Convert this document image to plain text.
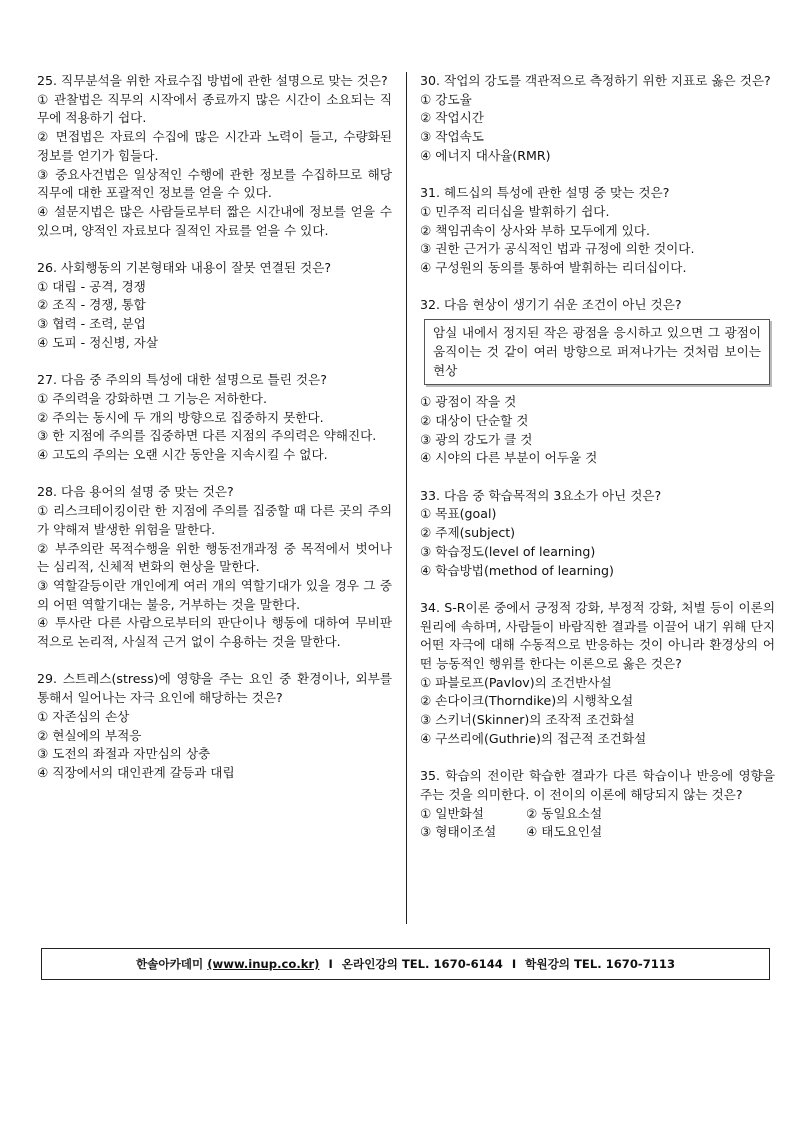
25. 직무분석을 위한 자료수집 방법에 관한 설명으로 맞는 것은?

① 관찰법은 직무의 시작에서 종료까지 많은 시간이 소요되는 직무에 적용하기 쉽다.

② 면접법은 자료의 수집에 많은 시간과 노력이 들고, 수량화된 정보를 얻기가 힘들다.

③ 중요사건법은 일상적인 수행에 관한 정보를 수집하므로 해당 직무에 대한 포괄적인 정보를 얻을 수 있다.

④ 설문지법은 많은 사람들로부터 짧은 시간내에 정보를 얻을 수 있으며, 양적인 자료보다 질적인 자료를 얻을 수 있다.

26. 사회행동의 기본형태와 내용이 잘못 연결된 것은?

① 대립 - 공격, 경쟁

② 조직 - 경쟁, 통합

③ 협력 - 조력, 분업

④ 도피 - 정신병, 자살

27. 다음 중 주의의 특성에 대한 설명으로 틀린 것은?

① 주의력을 강화하면 그 기능은 저하한다.

② 주의는 동시에 두 개의 방향으로 집중하지 못한다.

③ 한 지점에 주의를 집중하면 다른 지점의 주의력은 약해진다.

④ 고도의 주의는 오랜 시간 동안을 지속시킬 수 없다.

28. 다음 용어의 설명 중 맞는 것은?

① 리스크테이킹이란 한 지점에 주의를 집중할 때 다른 곳의 주의가 약해져 발생한 위험을 말한다.

② 부주의란 목적수행을 위한 행동전개과정 중 목적에서 벗어나는 심리적, 신체적 변화의 현상을 말한다.

③ 역할갈등이란 개인에게 여러 개의 역할기대가 있을 경우 그 중의 어떤 역할기대는 불응, 거부하는 것을 말한다.

④ 투사란 다른 사람으로부터의 판단이나 행동에 대하여 무비판적으로 논리적, 사실적 근거 없이 수용하는 것을 말한다.

29. 스트레스(stress)에 영향을 주는 요인 중 환경이나, 외부를 통해서 일어나는 자극 요인에 해당하는 것은?

① 자존심의 손상

② 현실에의 부적응

③ 도전의 좌절과 자만심의 상충

④ 직장에서의 대인관계 갈등과 대립

30. 작업의 강도를 객관적으로 측정하기 위한 지표로 옳은 것은?

① 강도율

② 작업시간

③ 작업속도

④ 에너지 대사율(RMR)

31. 헤드십의 특성에 관한 설명 중 맞는 것은?

① 민주적 리더십을 발휘하기 쉽다.

② 책임귀속이 상사와 부하 모두에게 있다.

③ 권한 근거가 공식적인 법과 규정에 의한 것이다.

④ 구성원의 동의를 통하여 발휘하는 리더십이다.

32. 다음 현상이 생기기 쉬운 조건이 아닌 것은?

암실 내에서 정지된 작은 광점을 응시하고 있으면 그 광점이 움직이는 것 같이 여러 방향으로 퍼져나가는 것처럼 보이는 현상

① 광점이 작을 것

② 대상이 단순할 것

③ 광의 강도가 클 것

④ 시야의 다른 부분이 어두울 것

33. 다음 중 학습목적의 3요소가 아닌 것은?

① 목표(goal)

② 주제(subject)

③ 학습정도(level of learning)

④ 학습방법(method of learning)

34. S-R이론 중에서 긍정적 강화, 부정적 강화, 처벌 등이 이론의 원리에 속하며, 사람들이 바람직한 결과를 이끌어 내기 위해 단지 어떤 자극에 대해 수동적으로 반응하는 것이 아니라 환경상의 어떤 능동적인 행위를 한다는 이론으로 옳은 것은?

① 파블로프(Pavlov)의 조건반사설

② 손다이크(Thorndike)의 시행착오설

③ 스키너(Skinner)의 조작적 조건화설

④ 구쓰리에(Guthrie)의 접근적 조건화설

35. 학습의 전이란 학습한 결과가 다른 학습이나 반응에 영향을 주는 것을 의미한다. 이 전이의 이론에 해당되지 않는 것은?

① 일반화설	② 동일요소설
③ 형태이조설	④ 태도요인설
한솔아카데미
(www.inup.co.kr) I 온라인강의 TEL. 1670-6144 I 학원강의 TEL. 1670-7113
